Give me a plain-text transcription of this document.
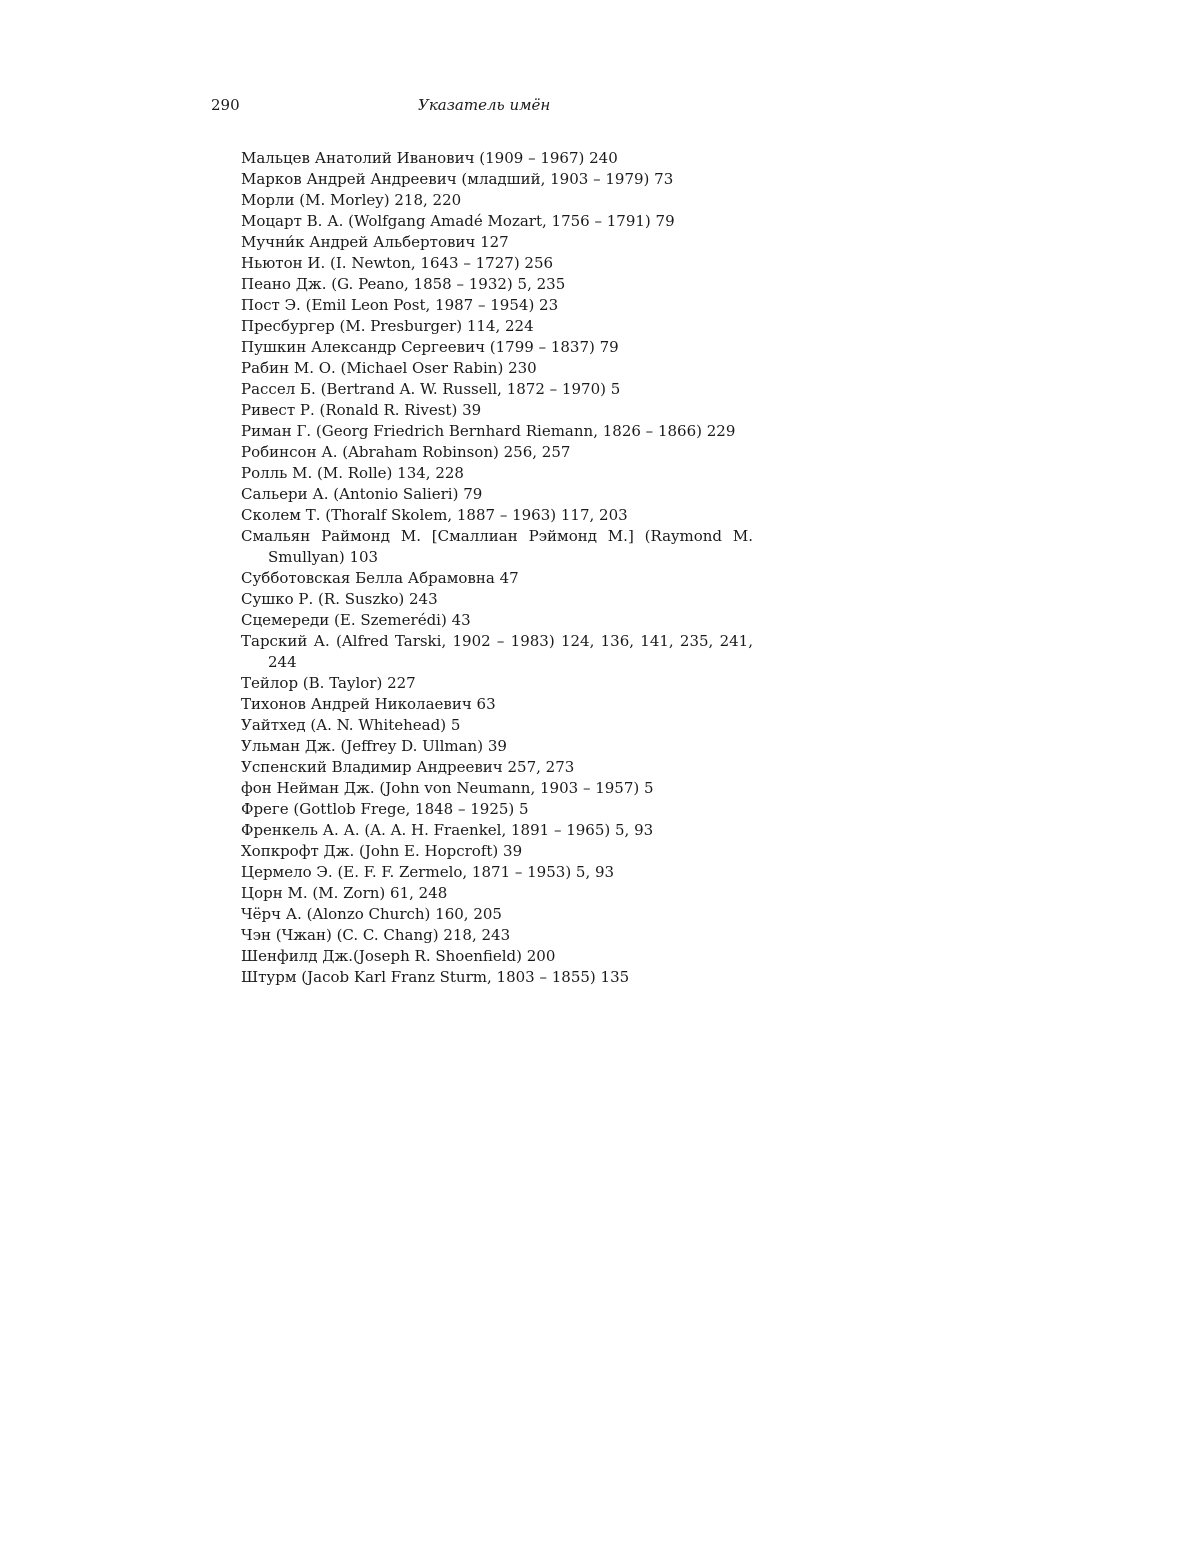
290	Указатель имён
Мальцев Анатолий Иванович (1909 – 1967) 240
Марков Андрей Андреевич (младший, 1903 – 1979) 73
Морли (M. Morley) 218, 220
Моцарт В. А. (Wolfgang Amadé Mozart, 1756 – 1791) 79
Мучни́к Андрей Альбертович 127
Ньютон И. (I. Newton, 1643 – 1727) 256
Пеано Дж. (G. Peano, 1858 – 1932) 5, 235
Пост Э. (Emil Leon Post, 1987 – 1954) 23
Пресбургер (M. Presburger) 114, 224
Пушкин Александр Сергеевич (1799 – 1837) 79
Рабин М. О. (Michael Oser Rabin) 230
Рассел Б. (Bertrand A. W. Russell, 1872 – 1970) 5
Ривест Р. (Ronald R. Rivest) 39
Риман Г. (Georg Friedrich Bernhard Riemann, 1826 – 1866) 229
Робинсон А. (Abraham Robinson) 256, 257
Ролль М. (M. Rolle) 134, 228
Сальери А. (Antonio Salieri) 79
Сколем Т. (Thoralf Skolem, 1887 – 1963) 117, 203
Смальян Раймонд М. [Смаллиан Рэймонд М.] (Raymond M. Smullyan) 103
Субботовская Белла Абрамовна 47
Сушко Р. (R. Suszko) 243
Сцемереди (E. Szemerédi) 43
Тарский А. (Alfred Tarski, 1902 – 1983) 124, 136, 141, 235, 241, 244
Тейлор (B. Taylor) 227
Тихонов Андрей Николаевич 63
Уайтхед (A. N. Whitehead) 5
Ульман Дж. (Jeffrey D. Ullman) 39
Успенский Владимир Андреевич 257, 273
фон Нейман Дж. (John von Neumann, 1903 – 1957) 5
Фреге (Gottlob Frege, 1848 – 1925) 5
Френкель А. А. (A. A. H. Fraenkel, 1891 – 1965) 5, 93
Хопкрофт Дж. (John E. Hopcroft) 39
Цермело Э. (E. F. F. Zermelo, 1871 – 1953) 5, 93
Цорн М. (M. Zorn) 61, 248
Чёрч А. (Alonzo Church) 160, 205
Чэн (Чжан) (C. C. Chang) 218, 243
Шенфилд Дж.(Joseph R. Shoenfield) 200
Штурм (Jacob Karl Franz Sturm, 1803 – 1855) 135
